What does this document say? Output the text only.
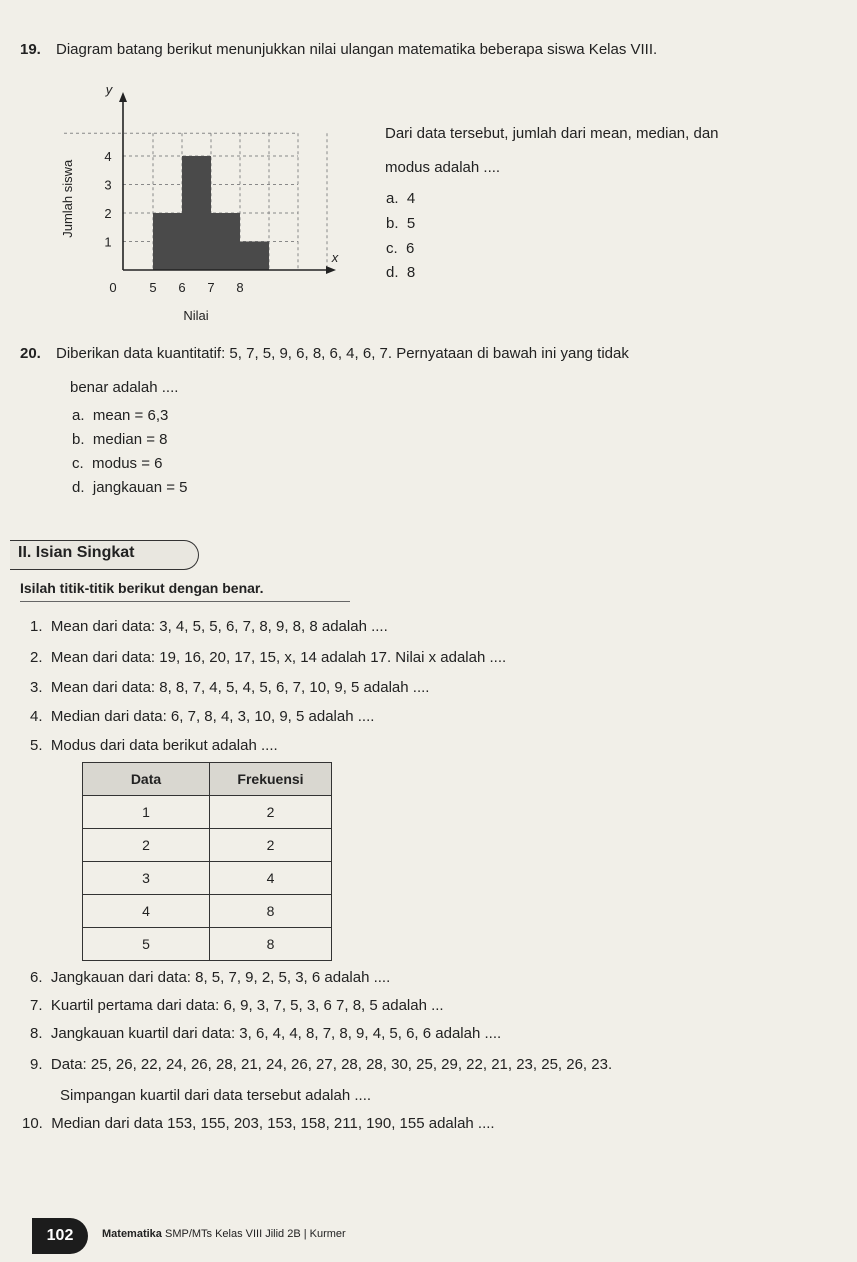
19. Diagram batang berikut menunjukkan nilai ulangan matematika beberapa siswa Kelas VIII.
1
2
3
4
5 6 7 8
0
x
y
Nilai
Jumlah siswa
Dari data tersebut, jumlah dari mean, median, dan
modus adalah ....
a. 4
b. 5
c. 6
d. 8
20. Diberikan data kuantitatif: 5, 7, 5, 9, 6, 8, 6, 4, 6, 7. Pernyataan di bawah ini yang tidak
benar adalah ....
a. mean = 6,3
b. median = 8
c. modus = 6
d. jangkauan = 5
II. Isian Singkat
Isilah titik-titik berikut dengan benar.
1. Mean dari data: 3, 4, 5, 5, 6, 7, 8, 9, 8, 8 adalah ....
2. Mean dari data: 19, 16, 20, 17, 15, x, 14 adalah 17. Nilai x adalah ....
3. Mean dari data: 8, 8, 7, 4, 5, 4, 5, 6, 7, 10, 9, 5 adalah ....
4. Median dari data: 6, 7, 8, 4, 3, 10, 9, 5 adalah ....
5. Modus dari data berikut adalah ....
Data	Frekuensi
1	2
2	2
3	4
4	8
5	8
6. Jangkauan dari data: 8, 5, 7, 9, 2, 5, 3, 6 adalah ....
7. Kuartil pertama dari data: 6, 9, 3, 7, 5, 3, 6 7, 8, 5 adalah ...
8. Jangkauan kuartil dari data: 3, 6, 4, 4, 8, 7, 8, 9, 4, 5, 6, 6 adalah ....
9. Data: 25, 26, 22, 24, 26, 28, 21, 24, 26, 27, 28, 28, 30, 25, 29, 22, 21, 23, 25, 26, 23.
Simpangan kuartil dari data tersebut adalah ....
10. Median dari data 153, 155, 203, 153, 158, 211, 190, 155 adalah ....
102	Matematika SMP/MTs Kelas VIII Jilid 2B | Kurmer
